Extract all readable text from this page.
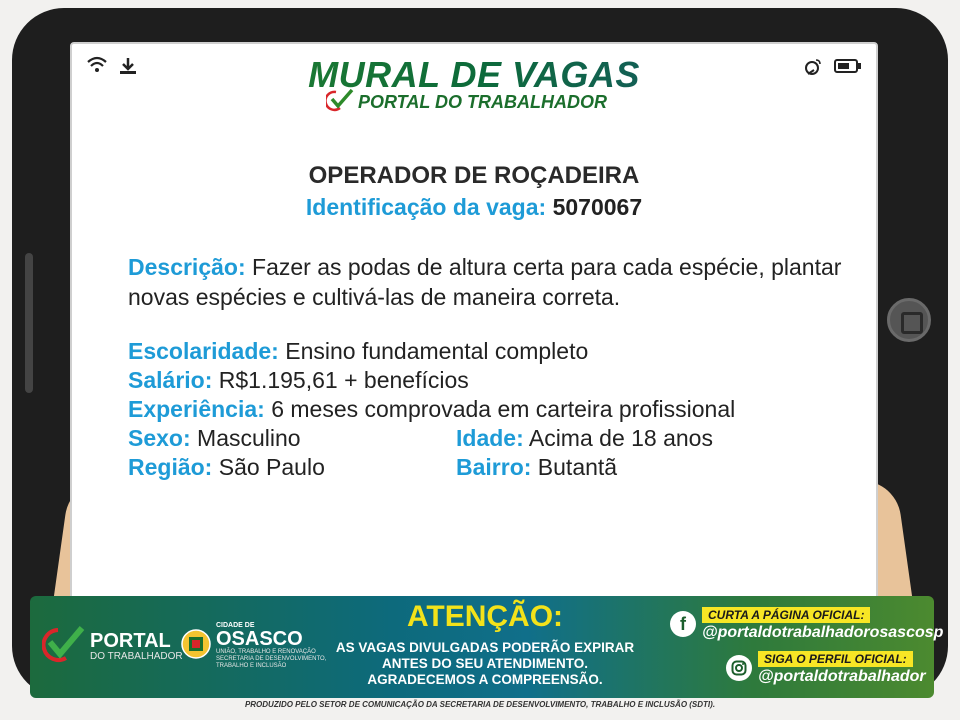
MURAL DE VAGAS
PORTAL DO TRABALHADOR
OPERADOR DE ROÇADEIRA
Identificação da vaga: 5070067
Descrição: Fazer as podas de altura certa para cada espécie, plantar novas espécies e cultivá-las de maneira correta.
Escolaridade: Ensino fundamental completo
Salário: R$1.195,61 + benefícios
Experiência: 6 meses comprovada em carteira profissional
Sexo: Masculino	Idade: Acima de 18 anos
Região: São Paulo	Bairro: Butantã
PORTAL
DO TRABALHADOR
CIDADE DE
OSASCO
UNIÃO, TRABALHO E RENOVAÇÃO
SECRETARIA DE DESENVOLVIMENTO, TRABALHO E INCLUSÃO
ATENÇÃO:
AS VAGAS DIVULGADAS PODERÃO EXPIRAR
ANTES DO SEU ATENDIMENTO.
AGRADECEMOS A COMPREENSÃO.
f	CURTA A PÁGINA OFICIAL:
@portaldotrabalhadorosascosp
SIGA O PERFIL OFICIAL:
@portaldotrabalhador
PRODUZIDO PELO SETOR DE COMUNICAÇÃO DA SECRETARIA DE DESENVOLVIMENTO, TRABALHO E INCLUSÃO (SDTI).
